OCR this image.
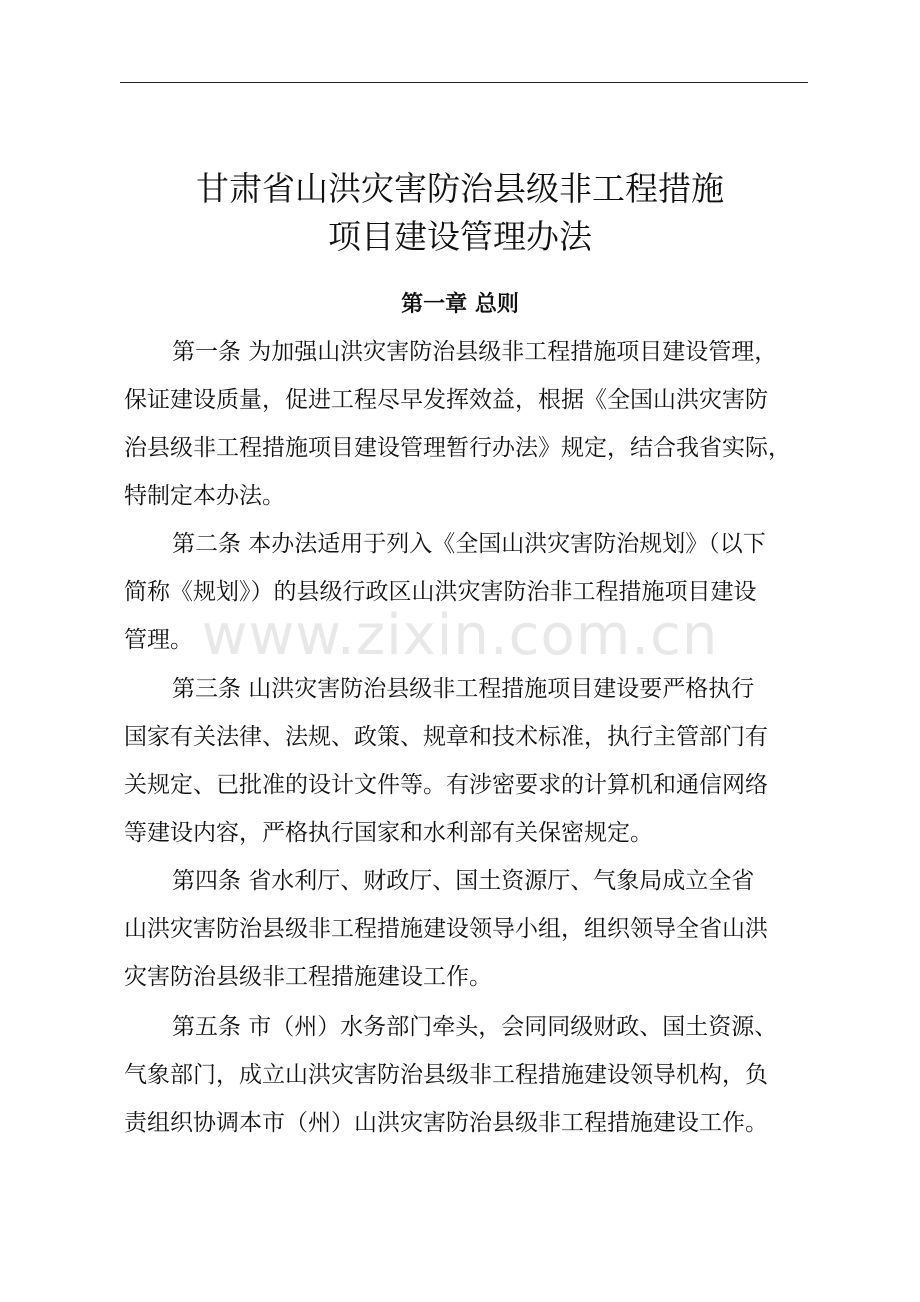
甘肃省山洪灾害防治县级非工程措施
项目建设管理办法
第一章 总则
www.zixin.com.cn
第一条 为加强山洪灾害防治县级非工程措施项目建设管理，
保证建设质量，促进工程尽早发挥效益，根据《全国山洪灾害防
治县级非工程措施项目建设管理暂行办法》规定，结合我省实际，
特制定本办法。
第二条 本办法适用于列入《全国山洪灾害防治规划》（以下
简称《规划》）的县级行政区山洪灾害防治非工程措施项目建设
管理。
第三条 山洪灾害防治县级非工程措施项目建设要严格执行
国家有关法律、法规、政策、规章和技术标准，执行主管部门有
关规定、已批准的设计文件等。有涉密要求的计算机和通信网络
等建设内容，严格执行国家和水利部有关保密规定。
第四条 省水利厅、财政厅、国土资源厅、气象局成立全省
山洪灾害防治县级非工程措施建设领导小组，组织领导全省山洪
灾害防治县级非工程措施建设工作。
第五条 市（州）水务部门牵头，会同同级财政、国土资源、
气象部门，成立山洪灾害防治县级非工程措施建设领导机构，负
责组织协调本市（州）山洪灾害防治县级非工程措施建设工作。
